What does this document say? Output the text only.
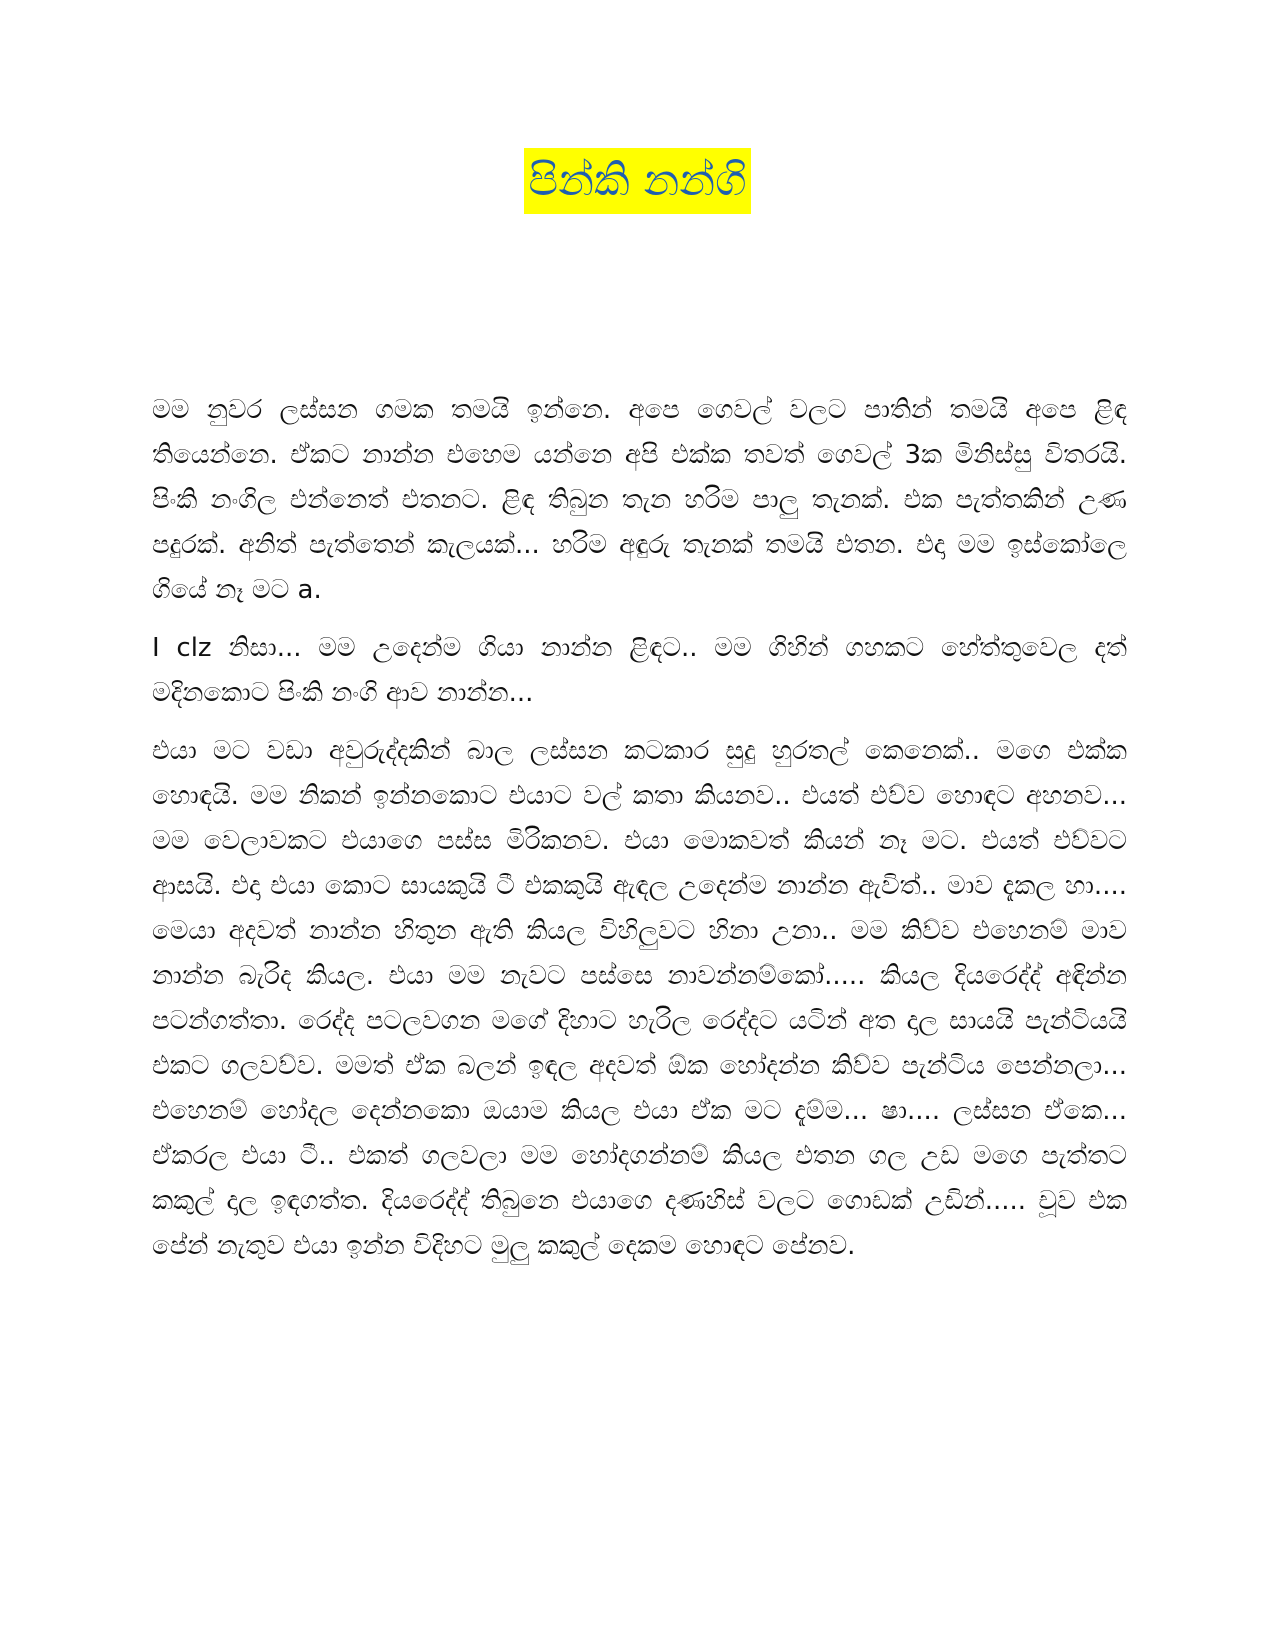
පින්කි නන්ගි

මම නුවර ලස්සන ගමක තමයි ඉන්නෙ. අපෙ ගෙවල් වලට පාතින් තමයි අපෙ ළිඳ තියෙන්නෙ. ඒකට නාන්න එහෙම යන්නෙ අපි එක්ක තවත් ගෙවල් 3ක මිනිස්සු විතරයි. පිංකි නංගිල එන්නෙත් එතනට. ළිඳ තිබුන තැන හරිම පාලු තැනක්. එක පැත්තකින් උණ පදුරක්. අනිත් පැත්තෙන් කැලයක්... හරිම අඳුරු තැනක් තමයි එතන. එදා මම ඉස්කෝලෙ ගියේ නෑ මට a.

I clz නිසා... මම උදෙන්ම ගියා නාන්න ළිඳට.. මම ගිහින් ගහකට හේත්තුවෙල දත් මදිනකොට පිංකි නංගි ආව නාන්න...

එයා මට වඩා අවුරුද්දකින් බාල ලස්සන කටකාර සුදු හුරතල් කෙනෙක්.. මගෙ එක්ක හොඳයි. මම නිකන් ඉන්නකොට එයාට වල් කතා කියනව.. එයත් එව්ව හොඳට අහනව... මම වෙලාවකට එයාගෙ පස්ස මිරිකනව. එයා මොකවත් කියන් නෑ මට. එයත් එව්වට ආසයි. එදා එයා කොට සායකුයි ටී එකකුයි ඇඳල උදෙන්ම නාන්න ඇවිත්.. මාව දැකල හා.... මෙයා අදවත් නාන්න හිතුන ඇති කියල විහිලුවට හිනා උනා.. මම කිව්ව එහෙනම් මාව නාන්න බැරිද කියල. එයා මම නැවට පස්සෙ නාවන්නම්කෝ..... කියල දියරෙද්ද් අඳින්න පටන්ගත්තා. රෙද්ද පටලවගන මගේ දිහාට හැරිල රෙද්දට යටින් අත දාල සායයි පැන්ටියයි එකට ගලවව්ව. මමත් ඒක බලන් ඉඳල අදවත් ඕක හෝදන්න කිව්ව පැන්ටිය පෙන්නලා... එහෙනම් හෝදල දෙන්නකො ඔයාම කියල එයා ඒක මට දැම්ම... ෂා.... ලස්සන ඒකෙ... ඒකරල එයා ටී.. එකත් ගලවලා මම හෝදගන්නම් කියල එතන ගල උඩ මගෙ පැත්තට කකුල් දාල ඉඳගත්ත. දියරෙද්ද් තිබුනෙ එයාගෙ දණහිස් වලට ගොඩක් උඩින්..... චූව එක පේන් නැතුව එයා ඉන්න විදිහට මුලු කකුල් දෙකම හොඳට පේනව.
